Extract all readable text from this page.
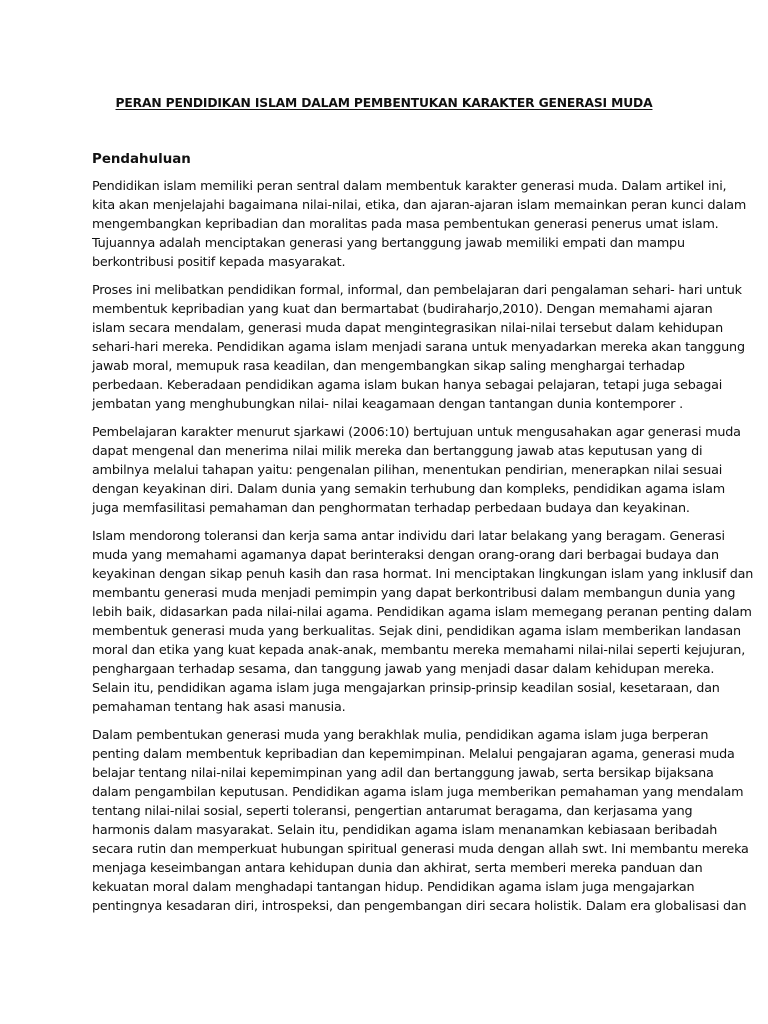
PERAN PENDIDIKAN ISLAM DALAM PEMBENTUKAN KARAKTER GENERASI MUDA
Pendahuluan

Pendidikan islam memiliki peran sentral dalam membentuk karakter generasi muda. Dalam artikel ini,
kita akan menjelajahi bagaimana nilai-nilai, etika, dan ajaran-ajaran islam memainkan peran kunci dalam
mengembangkan kepribadian dan moralitas pada masa pembentukan generasi penerus umat islam.
Tujuannya adalah menciptakan generasi yang bertanggung jawab memiliki empati dan mampu
berkontribusi positif kepada masyarakat.

Proses ini melibatkan pendidikan formal, informal, dan pembelajaran dari pengalaman sehari- hari untuk
membentuk kepribadian yang kuat dan bermartabat (budiraharjo,2010). Dengan memahami ajaran
islam secara mendalam, generasi muda dapat mengintegrasikan nilai-nilai tersebut dalam kehidupan
sehari-hari mereka. Pendidikan agama islam menjadi sarana untuk menyadarkan mereka akan tanggung
jawab moral, memupuk rasa keadilan, dan mengembangkan sikap saling menghargai terhadap
perbedaan. Keberadaan pendidikan agama islam bukan hanya sebagai pelajaran, tetapi juga sebagai
jembatan yang menghubungkan nilai- nilai keagamaan dengan tantangan dunia kontemporer .

Pembelajaran karakter menurut sjarkawi (2006:10) bertujuan untuk mengusahakan agar generasi muda
dapat mengenal dan menerima nilai milik mereka dan bertanggung jawab atas keputusan yang di
ambilnya melalui tahapan yaitu: pengenalan pilihan, menentukan pendirian, menerapkan nilai sesuai
dengan keyakinan diri. Dalam dunia yang semakin terhubung dan kompleks, pendidikan agama islam
juga memfasilitasi pemahaman dan penghormatan terhadap perbedaan budaya dan keyakinan.

Islam mendorong toleransi dan kerja sama antar individu dari latar belakang yang beragam. Generasi
muda yang memahami agamanya dapat berinteraksi dengan orang-orang dari berbagai budaya dan
keyakinan dengan sikap penuh kasih dan rasa hormat. Ini menciptakan lingkungan islam yang inklusif dan
membantu generasi muda menjadi pemimpin yang dapat berkontribusi dalam membangun dunia yang
lebih baik, didasarkan pada nilai-nilai agama. Pendidikan agama islam memegang peranan penting dalam
membentuk generasi muda yang berkualitas. Sejak dini, pendidikan agama islam memberikan landasan
moral dan etika yang kuat kepada anak-anak, membantu mereka memahami nilai-nilai seperti kejujuran,
penghargaan terhadap sesama, dan tanggung jawab yang menjadi dasar dalam kehidupan mereka.
Selain itu, pendidikan agama islam juga mengajarkan prinsip-prinsip keadilan sosial, kesetaraan, dan
pemahaman tentang hak asasi manusia.

Dalam pembentukan generasi muda yang berakhlak mulia, pendidikan agama islam juga berperan
penting dalam membentuk kepribadian dan kepemimpinan. Melalui pengajaran agama, generasi muda
belajar tentang nilai-nilai kepemimpinan yang adil dan bertanggung jawab, serta bersikap bijaksana
dalam pengambilan keputusan. Pendidikan agama islam juga memberikan pemahaman yang mendalam
tentang nilai-nilai sosial, seperti toleransi, pengertian antarumat beragama, dan kerjasama yang
harmonis dalam masyarakat. Selain itu, pendidikan agama islam menanamkan kebiasaan beribadah
secara rutin dan memperkuat hubungan spiritual generasi muda dengan allah swt. Ini membantu mereka
menjaga keseimbangan antara kehidupan dunia dan akhirat, serta memberi mereka panduan dan
kekuatan moral dalam menghadapi tantangan hidup. Pendidikan agama islam juga mengajarkan
pentingnya kesadaran diri, introspeksi, dan pengembangan diri secara holistik. Dalam era globalisasi dan
